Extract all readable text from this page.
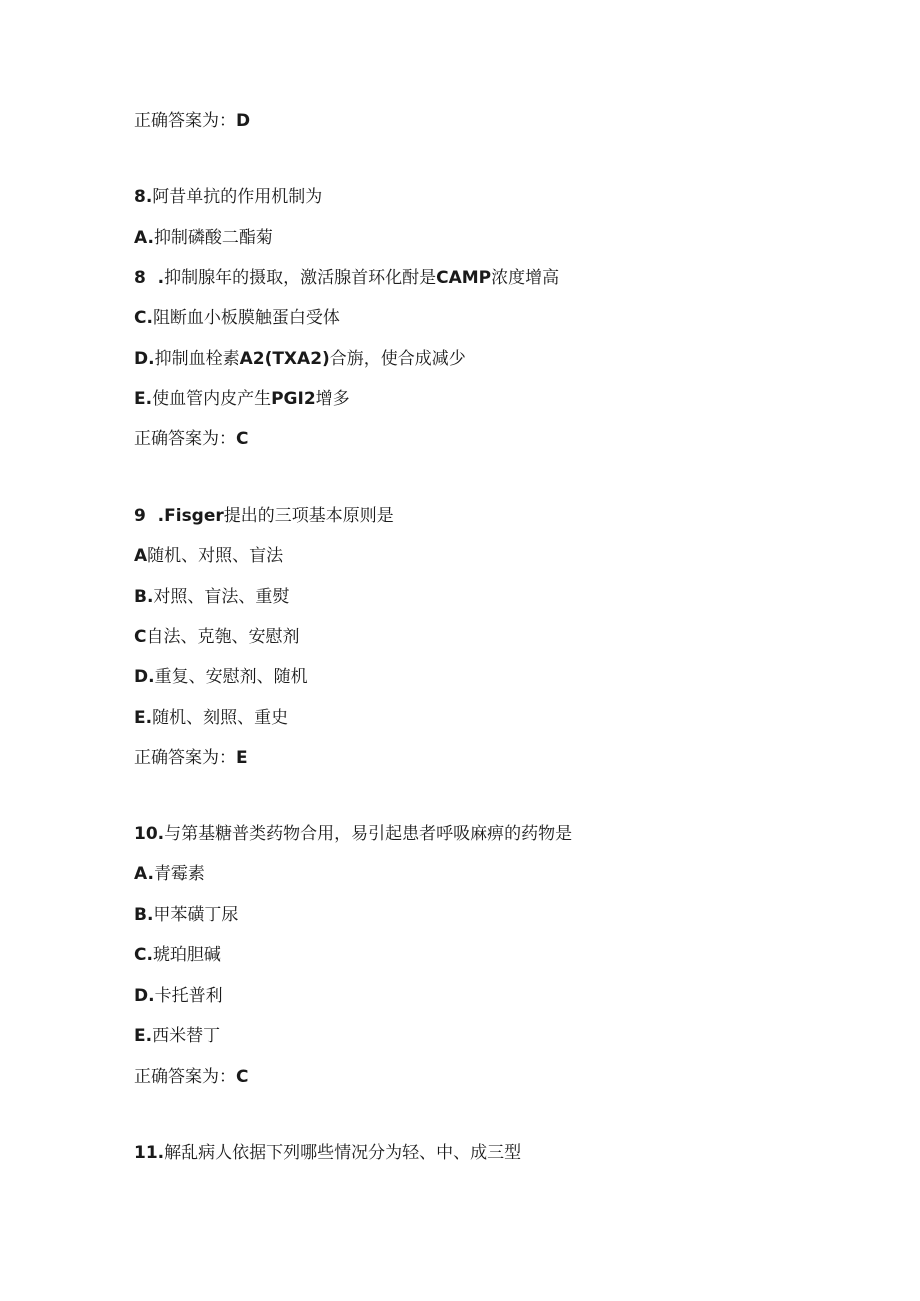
正确答案为：D
8.阿昔单抗的作用机制为
A.抑制磷酸二酯菊
8  .抑制腺年的摄取，激活腺首环化酎是CAMP浓度增高
C.阻断血小板膜触蛋白受体
D.抑制血栓素A2(TXA2)合旃，使合成减少
E.使血管内皮产生PGI2增多
正确答案为：C
9  .Fisger提出的三项基本原则是
A随机、对照、盲法
B.对照、盲法、重熨
C自法、克匏、安慰剂
D.重复、安慰剂、随机
E.随机、刻照、重史
正确答案为：E
10.与第基糖普类药物合用，易引起患者呼吸麻痹的药物是
A.青霉素
B.甲苯磺丁尿
C.琥珀胆碱
D.卡托普利
E.西米替丁
正确答案为：C
11.解乱病人依据下列哪些情况分为轻、中、成三型
